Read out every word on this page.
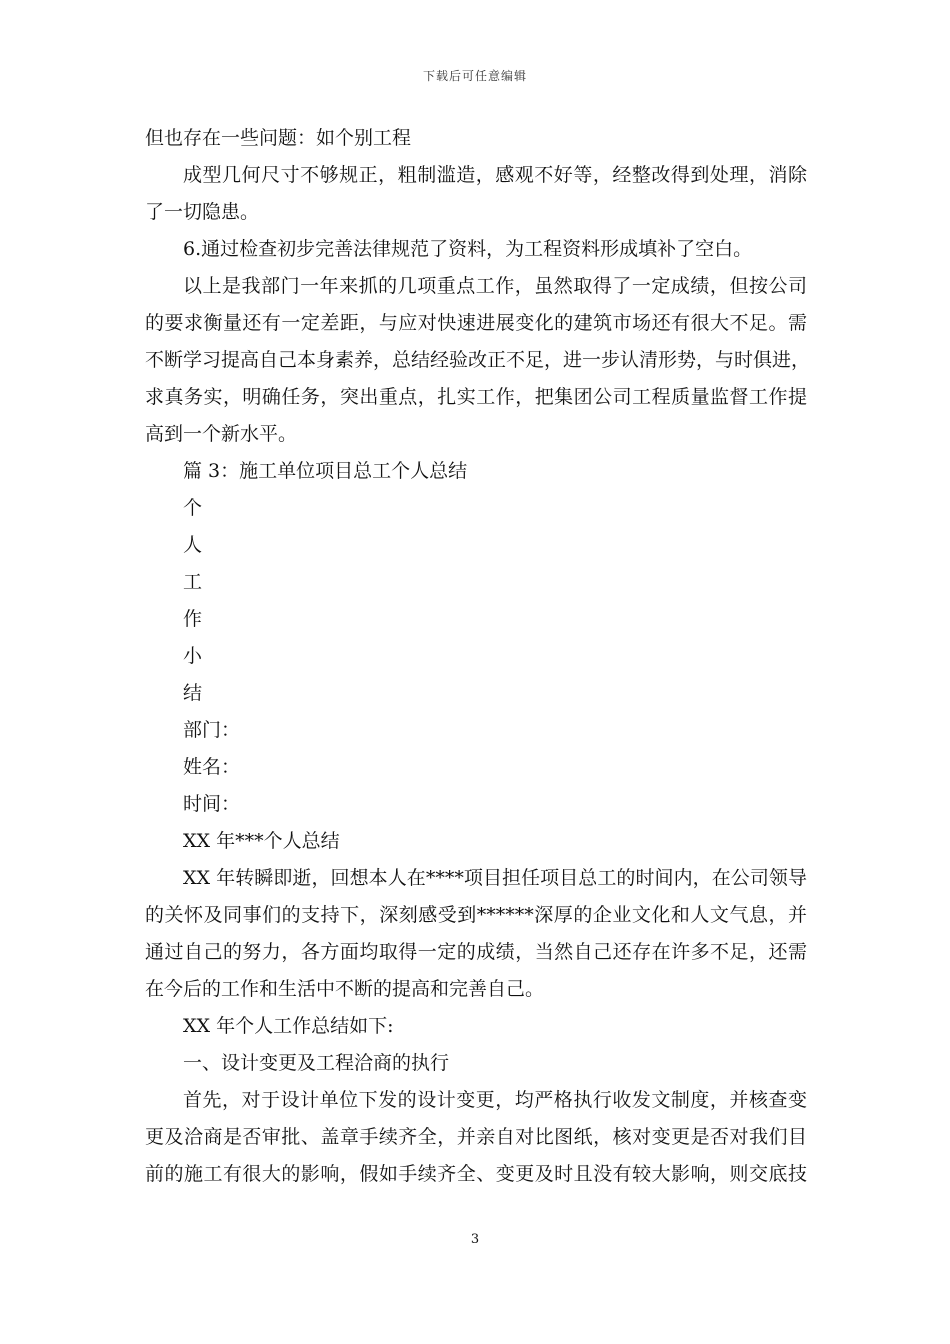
下载后可任意编辑
但也存在一些问题：如个别工程
成型几何尺寸不够规正，粗制滥造，感观不好等，经整改得到处理，消除
了一切隐患。
6.通过检查初步完善法律规范了资料，为工程资料形成填补了空白。
以上是我部门一年来抓的几项重点工作，虽然取得了一定成绩，但按公司
的要求衡量还有一定差距，与应对快速进展变化的建筑市场还有很大不足。需
不断学习提高自己本身素养，总结经验改正不足，进一步认清形势，与时俱进，
求真务实，明确任务，突出重点，扎实工作，把集团公司工程质量监督工作提
高到一个新水平。
篇 3：施工单位项目总工个人总结
个
人
工
作
小
结
部门：
姓名：
时间：
XX 年***个人总结
XX 年转瞬即逝，回想本人在****项目担任项目总工的时间内，在公司领导
的关怀及同事们的支持下，深刻感受到******深厚的企业文化和人文气息，并
通过自己的努力，各方面均取得一定的成绩，当然自己还存在许多不足，还需
在今后的工作和生活中不断的提高和完善自己。
XX 年个人工作总结如下:
一、设计变更及工程洽商的执行
首先，对于设计单位下发的设计变更，均严格执行收发文制度，并核查变
更及洽商是否审批、盖章手续齐全，并亲自对比图纸，核对变更是否对我们目
前的施工有很大的影响，假如手续齐全、变更及时且没有较大影响，则交底技
3
